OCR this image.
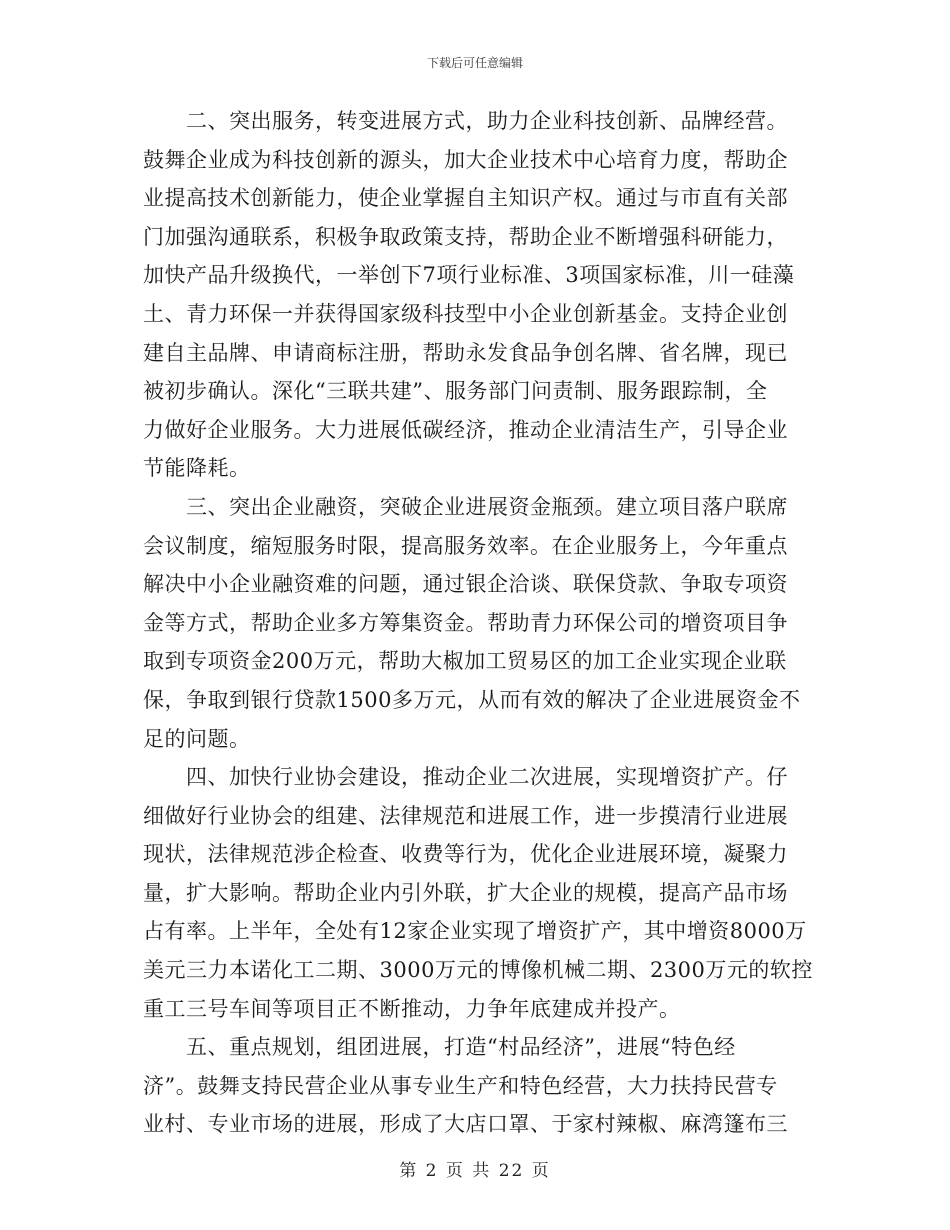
下载后可任意编辑
　　二、突出服务，转变进展方式，助力企业科技创新、品牌经营。
鼓舞企业成为科技创新的源头，加大企业技术中心培育力度，帮助企
业提高技术创新能力，使企业掌握自主知识产权。通过与市直有关部
门加强沟通联系，积极争取政策支持，帮助企业不断增强科研能力，
加快产品升级换代，一举创下7项行业标准、3项国家标准，川一硅藻
土、青力环保一并获得国家级科技型中小企业创新基金。支持企业创
建自主品牌、申请商标注册，帮助永发食品争创名牌、省名牌，现已
被初步确认。深化“三联共建”、服务部门问责制、服务跟踪制，全
力做好企业服务。大力进展低碳经济，推动企业清洁生产，引导企业
节能降耗。
　　三、突出企业融资，突破企业进展资金瓶颈。建立项目落户联席
会议制度，缩短服务时限，提高服务效率。在企业服务上，今年重点
解决中小企业融资难的问题，通过银企洽谈、联保贷款、争取专项资
金等方式，帮助企业多方筹集资金。帮助青力环保公司的增资项目争
取到专项资金200万元，帮助大椒加工贸易区的加工企业实现企业联
保，争取到银行贷款1500多万元，从而有效的解决了企业进展资金不
足的问题。
　　四、加快行业协会建设，推动企业二次进展，实现增资扩产。仔
细做好行业协会的组建、法律规范和进展工作，进一步摸清行业进展
现状，法律规范涉企检查、收费等行为，优化企业进展环境，凝聚力
量，扩大影响。帮助企业内引外联，扩大企业的规模，提高产品市场
占有率。上半年，全处有12家企业实现了增资扩产，其中增资8000万
美元三力本诺化工二期、3000万元的博像机械二期、2300万元的软控
重工三号车间等项目正不断推动，力争年底建成并投产。
　　五、重点规划，组团进展，打造“村品经济”，进展“特色经
济”。鼓舞支持民营企业从事专业生产和特色经营，大力扶持民营专
业村、专业市场的进展，形成了大店口罩、于家村辣椒、麻湾篷布三
第 2 页 共 22 页
